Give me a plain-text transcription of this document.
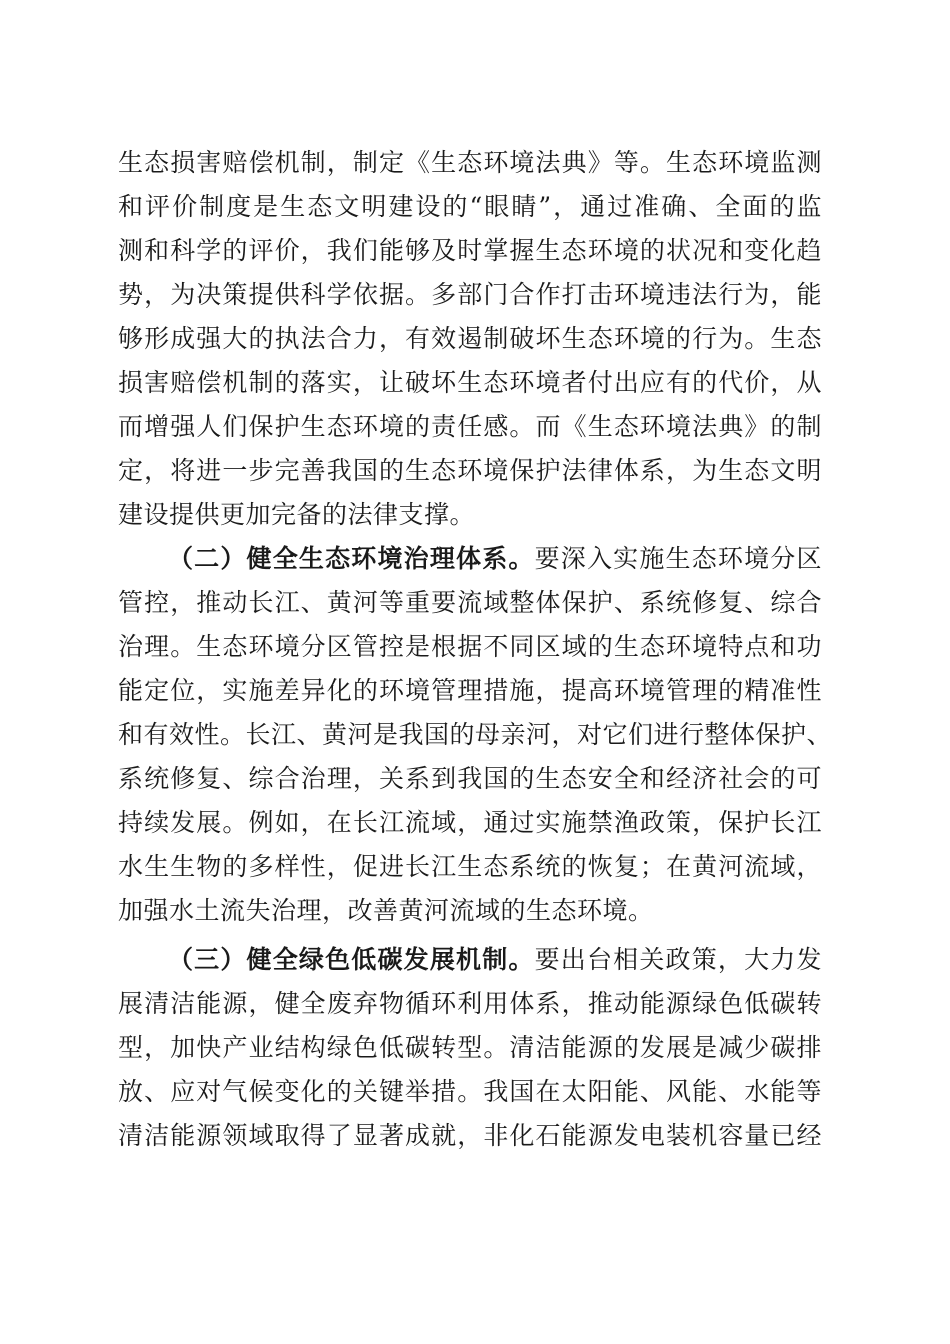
生态损害赔偿机制，制定《生态环境法典》等。生态环境监测
和评价制度是生态文明建设的“眼睛”，通过准确、全面的监
测和科学的评价，我们能够及时掌握生态环境的状况和变化趋
势，为决策提供科学依据。多部门合作打击环境违法行为，能
够形成强大的执法合力，有效遏制破坏生态环境的行为。生态
损害赔偿机制的落实，让破坏生态环境者付出应有的代价，从
而增强人们保护生态环境的责任感。而《生态环境法典》的制
定，将进一步完善我国的生态环境保护法律体系，为生态文明
建设提供更加完备的法律支撑。
（二）健全生态环境治理体系。要深入实施生态环境分区
管控，推动长江、黄河等重要流域整体保护、系统修复、综合
治理。生态环境分区管控是根据不同区域的生态环境特点和功
能定位，实施差异化的环境管理措施，提高环境管理的精准性
和有效性。长江、黄河是我国的母亲河，对它们进行整体保护、
系统修复、综合治理，关系到我国的生态安全和经济社会的可
持续发展。例如，在长江流域，通过实施禁渔政策，保护长江
水生生物的多样性，促进长江生态系统的恢复；在黄河流域，
加强水土流失治理，改善黄河流域的生态环境。
（三）健全绿色低碳发展机制。要出台相关政策，大力发
展清洁能源，健全废弃物循环利用体系，推动能源绿色低碳转
型，加快产业结构绿色低碳转型。清洁能源的发展是减少碳排
放、应对气候变化的关键举措。我国在太阳能、风能、水能等
清洁能源领域取得了显著成就，非化石能源发电装机容量已经
